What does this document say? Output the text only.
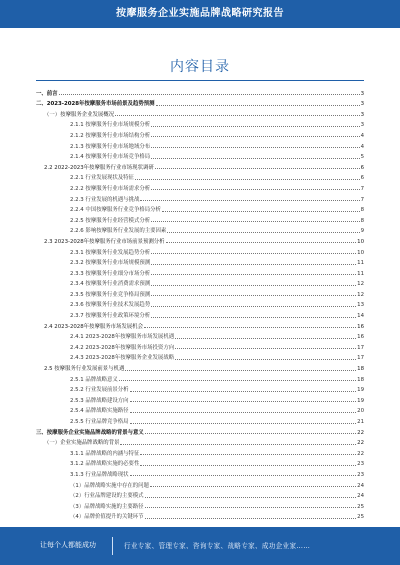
按摩服务企业实施品牌战略研究报告
内容目录
一、前言	3
二、2023-2028年按摩服务市场前景及趋势预测	3
（一）按摩服务企业发展概况	3
2.1.1 按摩服务行业市场规模分析	3
2.1.2 按摩服务行业市场结构分析	4
2.1.3 按摩服务行业市场地域分布	4
2.1.4 按摩服务行业市场竞争格局	5
2.2 2022-2023年按摩服务行业市场现状调研	6
2.2.1 行业发展现状及特征	6
2.2.2 按摩服务行业市场需求分析	7
2.2.3 行业发展的机遇与挑战	7
2.2.4 中国按摩服务行业竞争格局分析	8
2.2.5 按摩服务行业经营模式分析	8
2.2.6 影响按摩服务行业发展的主要因素	9
2.3 2023-2028年按摩服务行业市场前景预测分析	10
2.3.1 按摩服务行业发展趋势分析	10
2.3.2 按摩服务行业市场规模预测	11
2.3.3 按摩服务行业细分市场分析	11
2.3.4 按摩服务行业消费需求预测	12
2.3.5 按摩服务行业竞争格局预测	12
2.3.6 按摩服务行业技术发展趋势	13
2.3.7 按摩服务行业政策环境分析	14
2.4 2023-2028年按摩服务市场发展机会	16
2.4.1 2023-2028年按摩服务市场发展机遇	16
2.4.2 2023-2028年按摩服务市场投资方向	17
2.4.3 2023-2028年按摩服务企业发展战略	17
2.5 按摩服务行业发展前景与机遇	18
2.5.1 品牌战略意义	18
2.5.2 行业发展前景分析	19
2.5.3 品牌战略建设方向	19
2.5.4 品牌战略实施路径	20
2.5.5 行业品牌竞争格局	21
三、按摩服务企业实施品牌战略的背景与意义	22
（一）企业实施品牌战略的背景	22
3.1.1 品牌战略的内涵与特征	22
3.1.2 品牌战略实施的必要性	23
3.1.3 行业品牌战略现状	23
（1）品牌战略实施中存在的问题	24
（2）行业品牌建设的主要模式	24
（3）品牌战略实施的主要路径	25
（4）品牌价值提升的关键环节	25
让每个人都能成功	行业专家、管理专家、咨询专家、战略专家、成功企业家……
